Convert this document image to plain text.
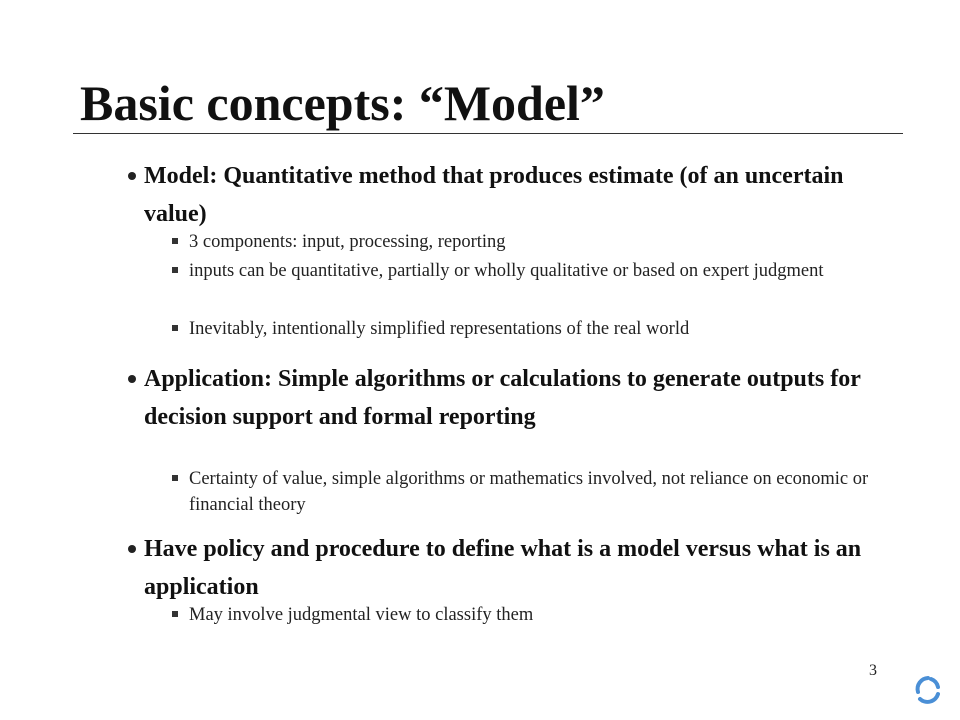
Basic concepts: “Model”

Model: Quantitative method that produces estimate (of an uncertain value)

3 components: input, processing, reporting

inputs can be quantitative, partially or wholly qualitative or based on expert judgment

Inevitably, intentionally simplified representations of the real world

Application: Simple algorithms or calculations to generate outputs for decision support and formal reporting

Certainty of value, simple algorithms or mathematics involved, not reliance on economic or financial theory

Have policy and procedure to define what is a model versus what is an application

May involve judgmental view to classify them

3
